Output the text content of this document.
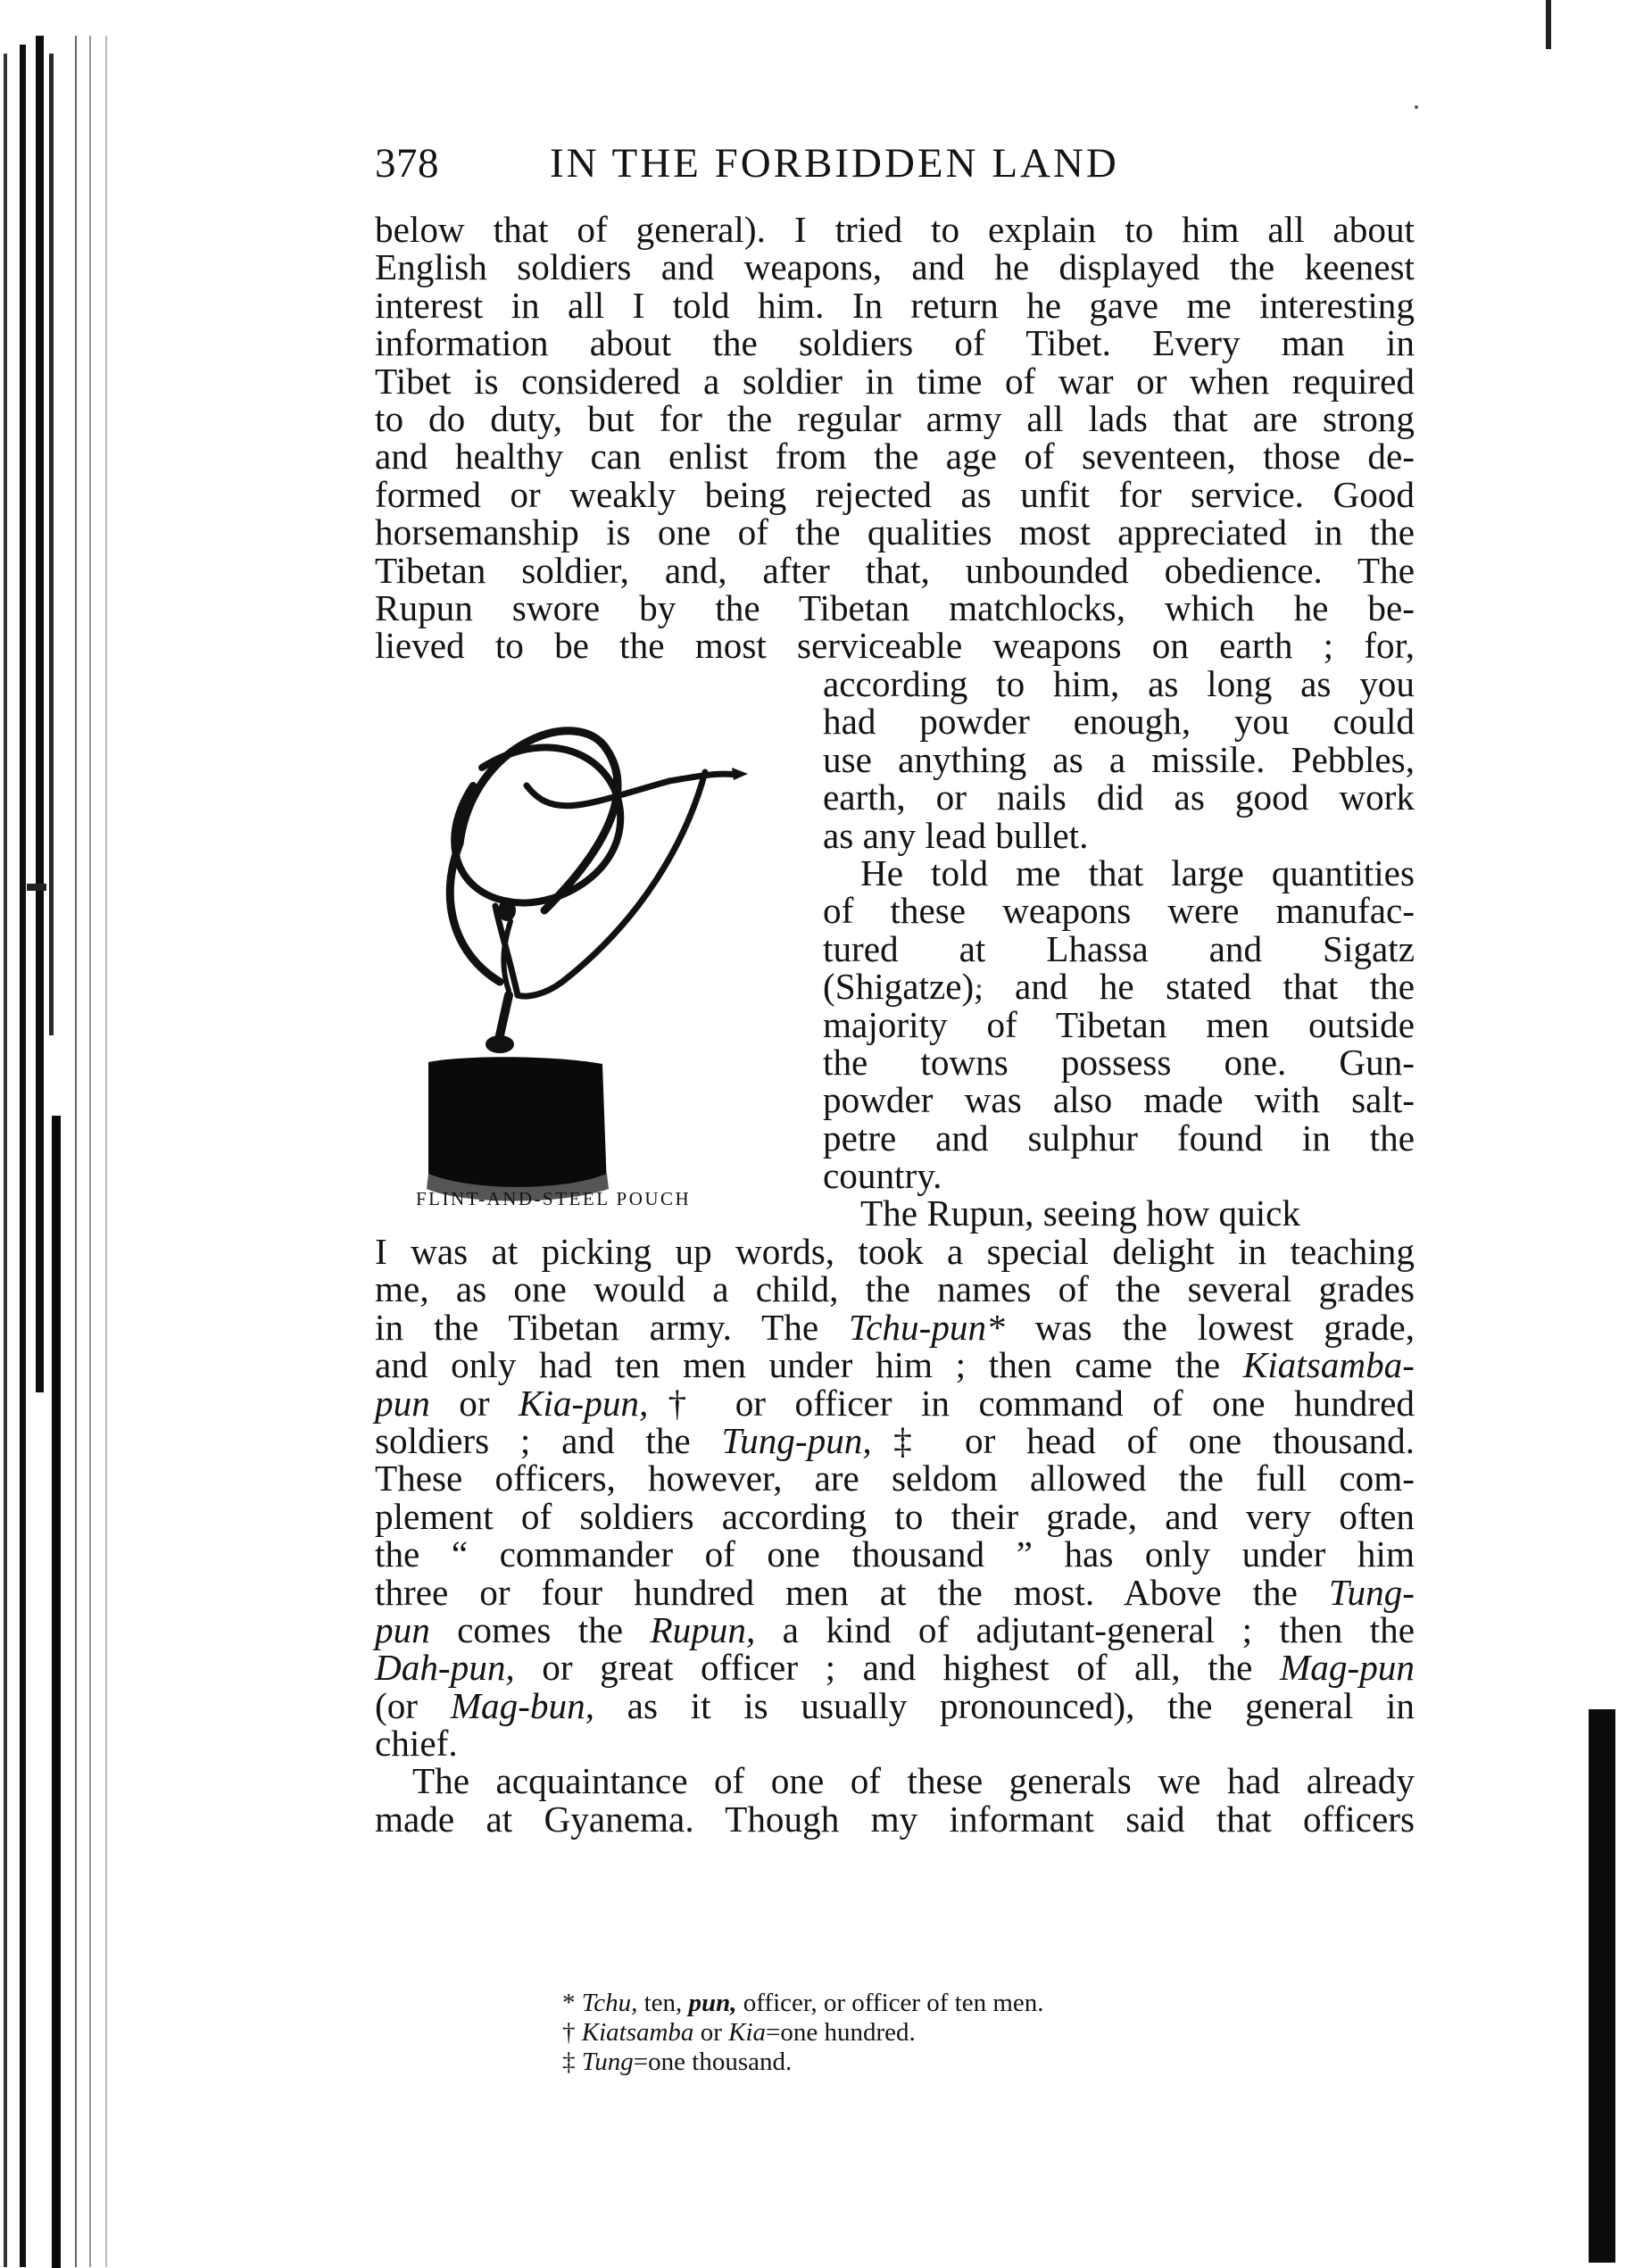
378	IN THE FORBIDDEN LAND
below that of general). I tried to explain to him all about
English soldiers and weapons, and he displayed the keenest
interest in all I told him. In return he gave me interesting
information about the soldiers of Tibet. Every man in
Tibet is considered a soldier in time of war or when required
to do duty, but for the regular army all lads that are strong
and healthy can enlist from the age of seventeen, those de-
formed or weakly being rejected as unfit for service. Good
horsemanship is one of the qualities most appreciated in the
Tibetan soldier, and, after that, unbounded obedience. The
Rupun swore by the Tibetan matchlocks, which he be-
lieved to be the most serviceable weapons on earth ; for,
FLINT-AND-STEEL POUCH
according to him, as long as you
had powder enough, you could
use anything as a missile. Pebbles,
earth, or nails did as good work
as any lead bullet.
He told me that large quantities
of these weapons were manufac-
tured at Lhassa and Sigatz
(Shigatze), and he stated that the
majority of Tibetan men outside
the towns possess one. Gun-
powder was also made with salt-
petre and sulphur found in the
country.
The Rupun, seeing how quick
I was at picking up words, took a special delight in teaching
me, as one would a child, the names of the several grades
in the Tibetan army. The Tchu-pun* was the lowest grade,
and only had ten men under him ; then came the Kiatsamba-
pun or Kia-pun,† or officer in command of one hundred
soldiers ; and the Tung-pun,‡ or head of one thousand.
These officers, however, are seldom allowed the full com-
plement of soldiers according to their grade, and very often
the “ commander of one thousand ” has only under him
three or four hundred men at the most. Above the Tung-
pun comes the Rupun, a kind of adjutant-general ; then the
Dah-pun, or great officer ; and highest of all, the Mag-pun
(or Mag-bun, as it is usually pronounced), the general in
chief.
The acquaintance of one of these generals we had already
made at Gyanema. Though my informant said that officers
* Tchu, ten, pun, officer, or officer of ten men.
† Kiatsamba or Kia=one hundred.
‡ Tung=one thousand.
